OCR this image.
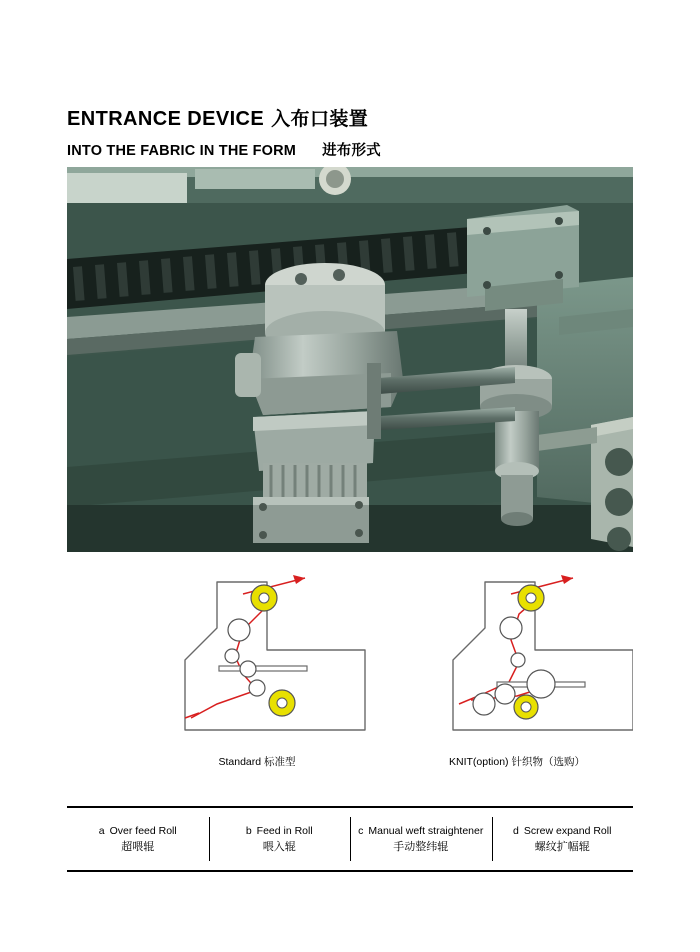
ENTRANCE DEVICE 入布口装置
INTO THE FABRIC IN THE FORM 进布形式
Standard 标准型	KNIT(option) 针织物（选购）
a Over feed Roll
超喂辊
b Feed in Roll
喂入辊
c Manual weft straightener
手动整纬辊
d Screw expand Roll
螺纹扩幅辊
